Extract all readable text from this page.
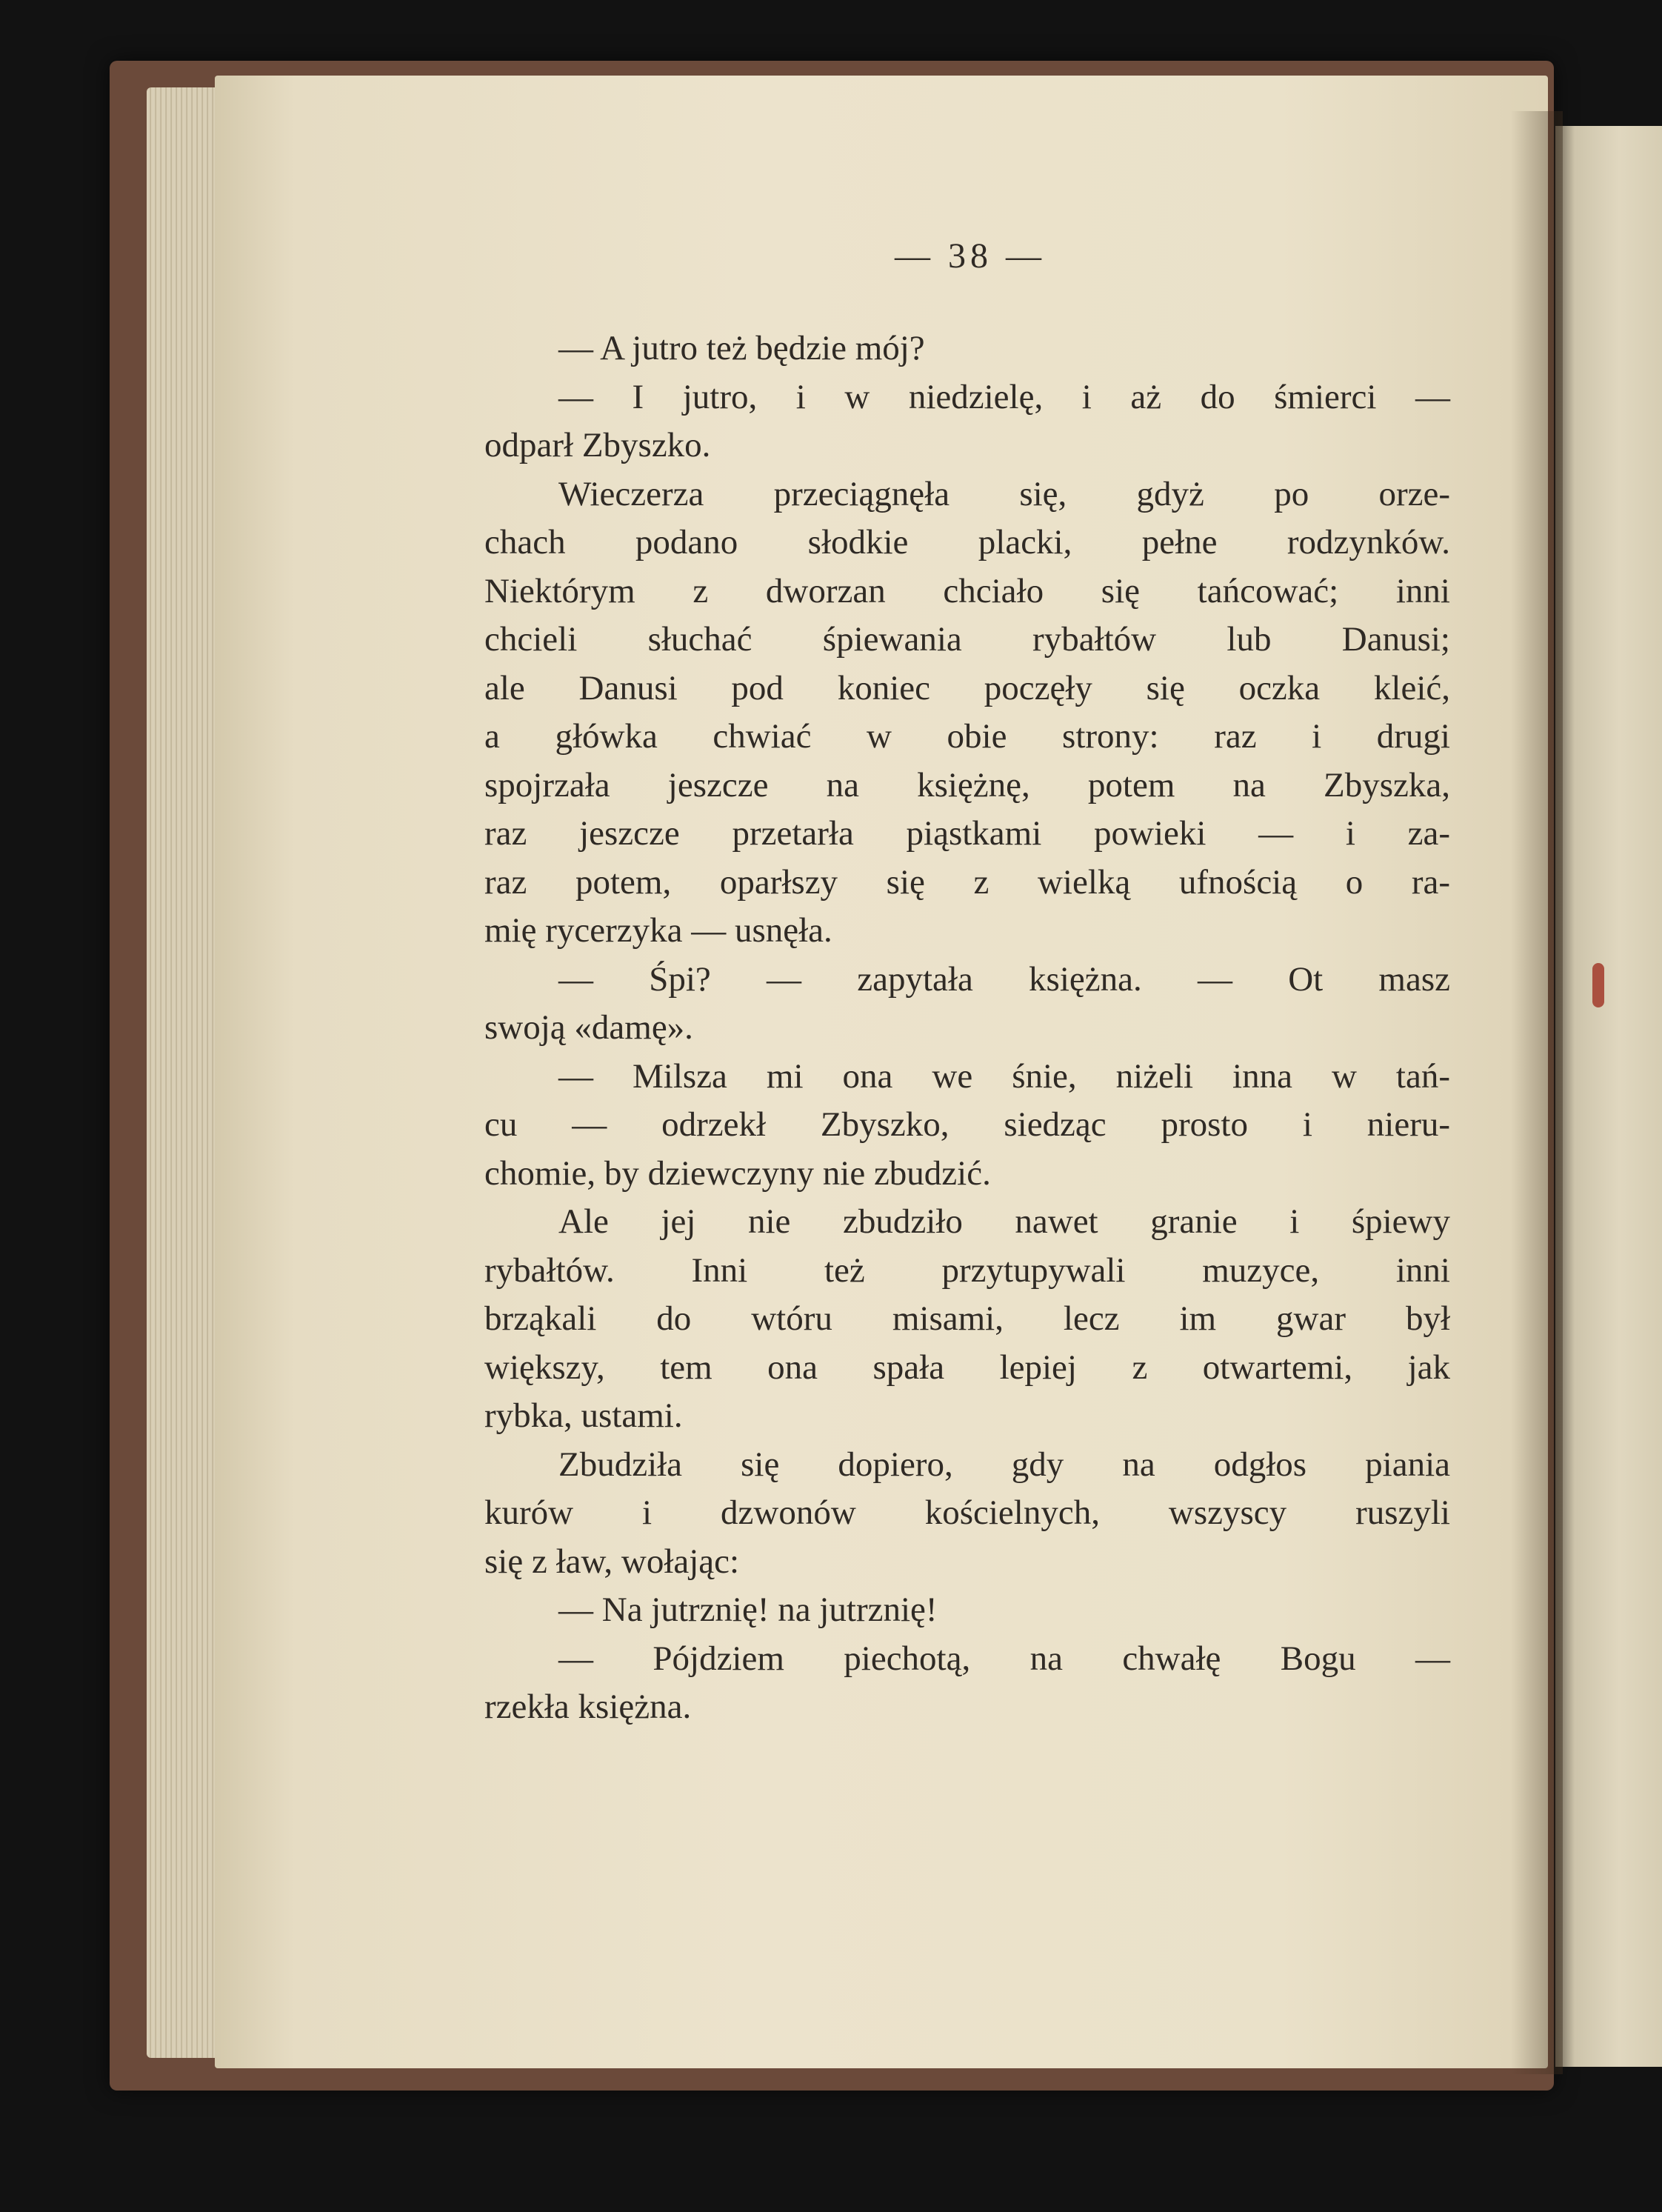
— 38 —
— A jutro też będzie mój?
— I jutro, i w niedzielę, i aż do śmierci —
odparł Zbyszko.
Wieczerza przeciągnęła się, gdyż po orze-
chach podano słodkie placki, pełne rodzynków.
Niektórym z dworzan chciało się tańcować; inni
chcieli słuchać śpiewania rybałtów lub Danusi;
ale Danusi pod koniec poczęły się oczka kleić,
a główka chwiać w obie strony: raz i drugi
spojrzała jeszcze na księżnę, potem na Zbyszka,
raz jeszcze przetarła piąstkami powieki — i za-
raz potem, oparłszy się z wielką ufnością o ra-
mię rycerzyka — usnęła.
— Śpi? — zapytała księżna. — Ot masz
swoją «damę».
— Milsza mi ona we śnie, niżeli inna w tań-
cu — odrzekł Zbyszko, siedząc prosto i nieru-
chomie, by dziewczyny nie zbudzić.
Ale jej nie zbudziło nawet granie i śpiewy
rybałtów. Inni też przytupywali muzyce, inni
brząkali do wtóru misami, lecz im gwar był
większy, tem ona spała lepiej z otwartemi, jak
rybka, ustami.
Zbudziła się dopiero, gdy na odgłos piania
kurów i dzwonów kościelnych, wszyscy ruszyli
się z ław, wołając:
— Na jutrznię! na jutrznię!
— Pójdziem piechotą, na chwałę Bogu —
rzekła księżna.
